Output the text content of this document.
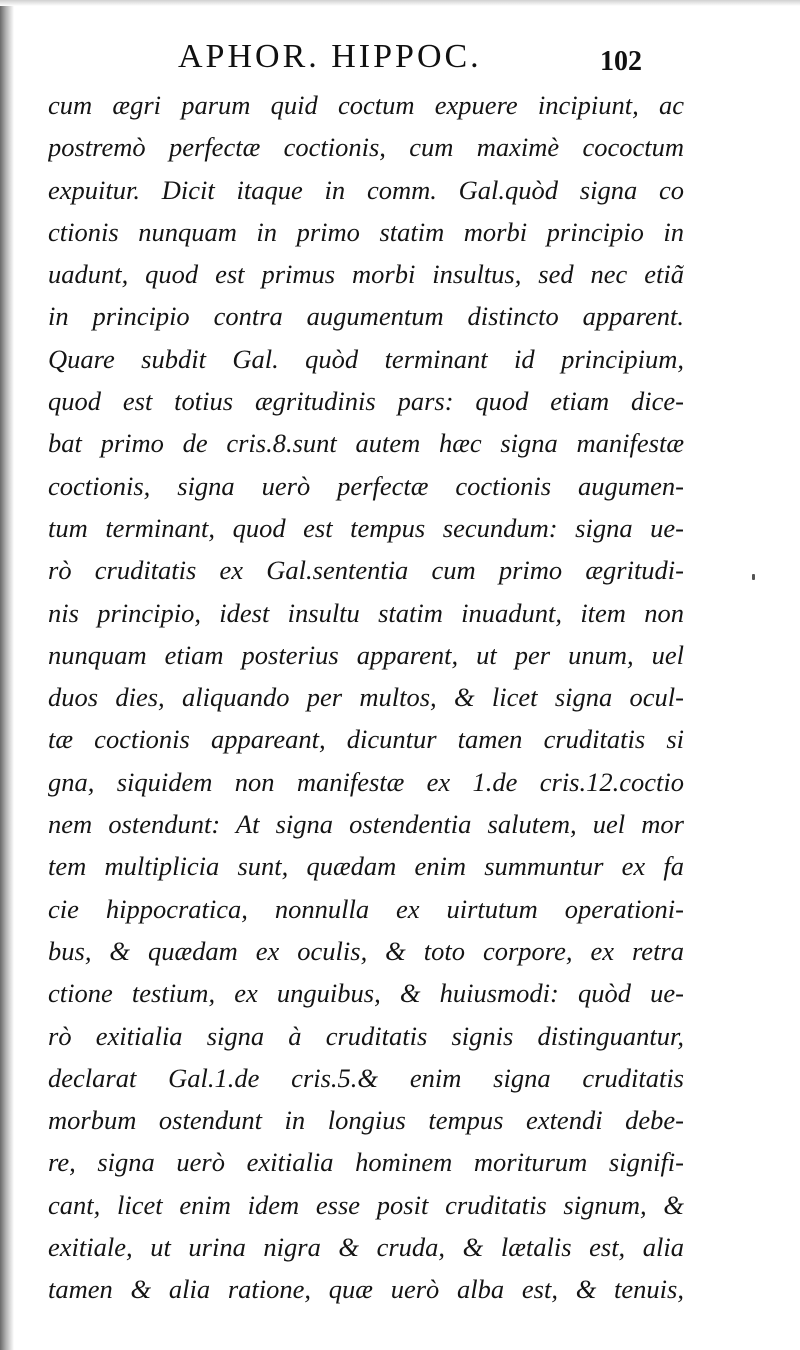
APHOR. HIPPOC.	102
cum ægri parum quid coctum expuere incipiunt, ac
postremò perfectæ coctionis, cum maximè cococtum
expuitur. Dicit itaque in comm. Gal.quòd signa co
ctionis nunquam in primo statim morbi principio in
uadunt, quod est primus morbi insultus, sed nec etiã
in principio contra augumentum distincto apparent.
Quare subdit Gal. quòd terminant id principium,
quod est totius ægritudinis pars: quod etiam dice-
bat primo de cris.8.sunt autem hæc signa manifestæ
coctionis, signa uerò perfectæ coctionis augumen-
tum terminant, quod est tempus secundum: signa ue-
rò cruditatis ex Gal.sententia cum primo ægritudi-
nis principio, idest insultu statim inuadunt, item non
nunquam etiam posterius apparent, ut per unum, uel
duos dies, aliquando per multos, & licet signa ocul-
tæ coctionis appareant, dicuntur tamen cruditatis si
gna, siquidem non manifestæ ex 1.de cris.12.coctio
nem ostendunt: At signa ostendentia salutem, uel mor
tem multiplicia sunt, quædam enim summuntur ex fa
cie hippocratica, nonnulla ex uirtutum operationi-
bus, & quædam ex oculis, & toto corpore, ex retra
ctione testium, ex unguibus, & huiusmodi: quòd ue-
rò exitialia signa à cruditatis signis distinguantur,
declarat Gal.1.de cris.5.& enim signa cruditatis
morbum ostendunt in longius tempus extendi debe-
re, signa uerò exitialia hominem moriturum signifi-
cant, licet enim idem esse posit cruditatis signum, &
exitiale, ut urina nigra & cruda, & lætalis est, alia
tamen & alia ratione, quæ uerò alba est, & tenuis,
